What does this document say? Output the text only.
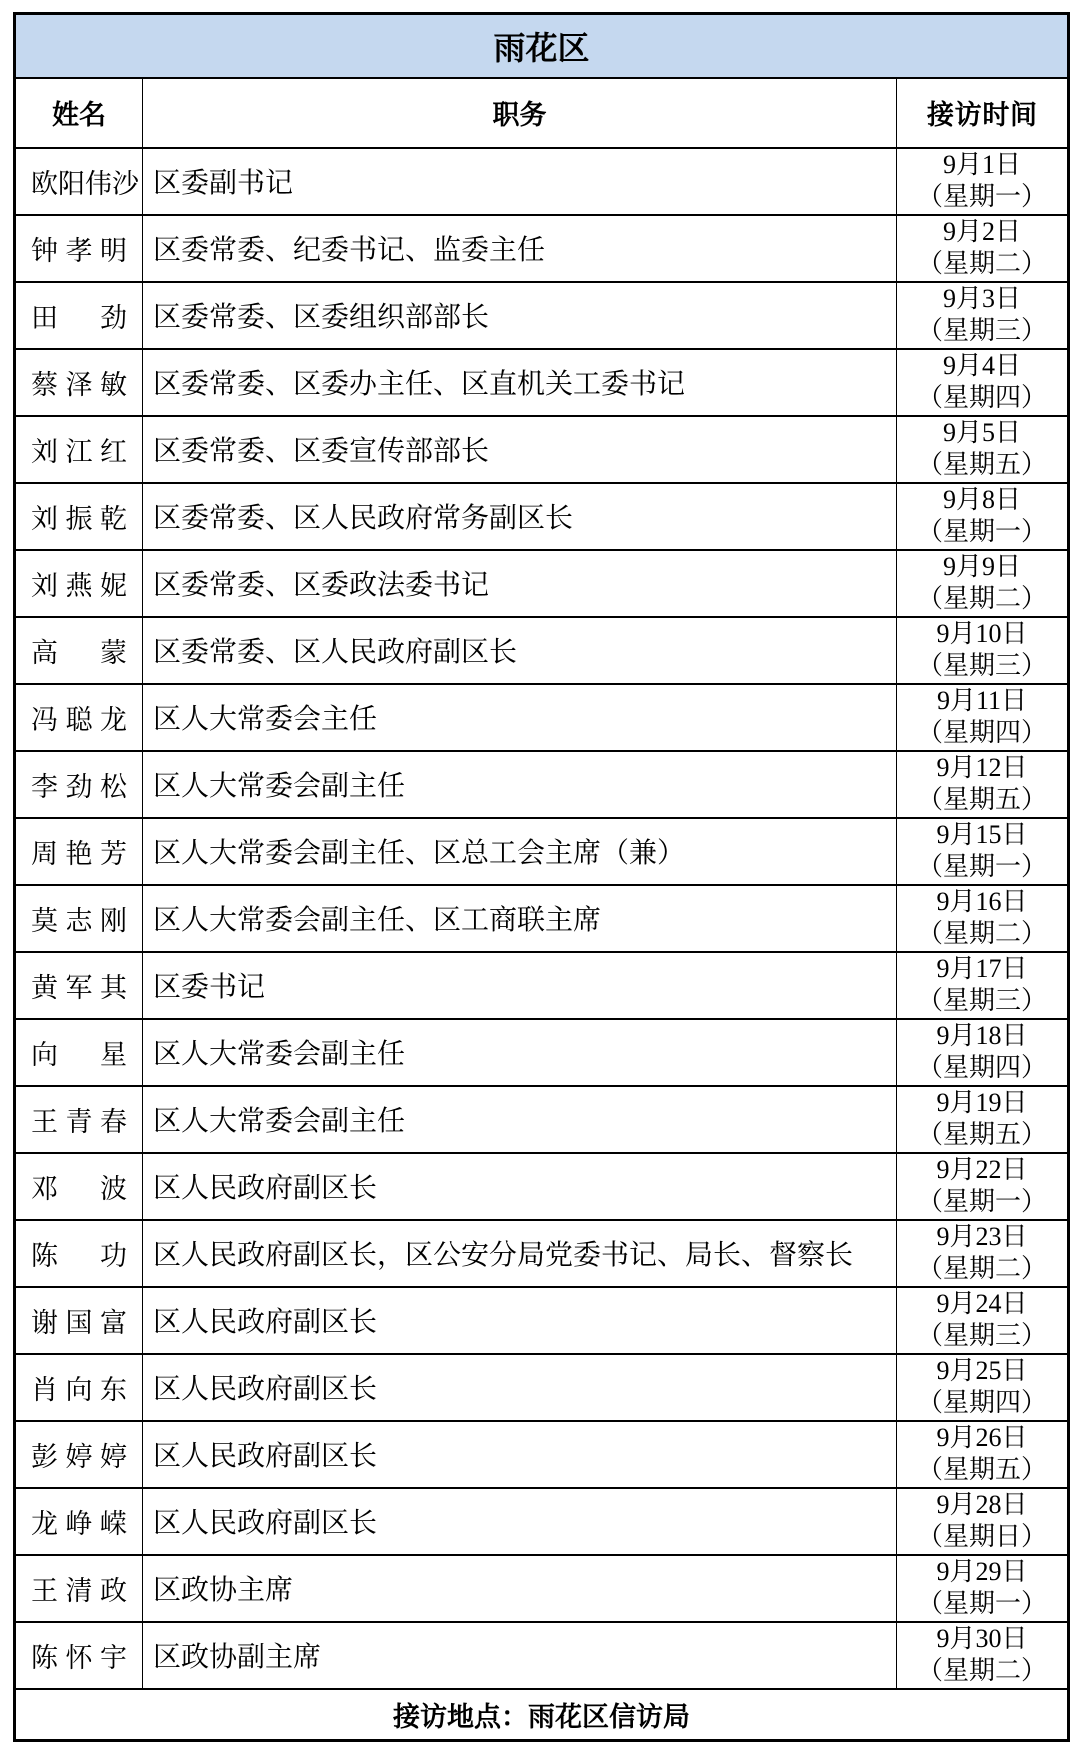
雨花区		
姓名	职务	接访时间
欧阳伟沙	区委副书记	9月1日
（星期一）

钟孝明	区委常委、纪委书记、监委主任	9月2日
（星期二）

田劲	区委常委、区委组织部部长	9月3日
（星期三）

蔡泽敏	区委常委、区委办主任、区直机关工委书记	9月4日
（星期四）

刘江红	区委常委、区委宣传部部长	9月5日
（星期五）

刘振乾	区委常委、区人民政府常务副区长	9月8日
（星期一）

刘燕妮	区委常委、区委政法委书记	9月9日
（星期二）

高蒙	区委常委、区人民政府副区长	9月10日
（星期三）

冯聪龙	区人大常委会主任	9月11日
（星期四）

李劲松	区人大常委会副主任	9月12日
（星期五）

周艳芳	区人大常委会副主任、区总工会主席（兼）	9月15日
（星期一）

莫志刚	区人大常委会副主任、区工商联主席	9月16日
（星期二）

黄军其	区委书记	9月17日
（星期三）

向星	区人大常委会副主任	9月18日
（星期四）

王青春	区人大常委会副主任	9月19日
（星期五）

邓波	区人民政府副区长	9月22日
（星期一）

陈功	区人民政府副区长，区公安分局党委书记、局长、督察长	9月23日
（星期二）

谢国富	区人民政府副区长	9月24日
（星期三）

肖向东	区人民政府副区长	9月25日
（星期四）

彭婷婷	区人民政府副区长	9月26日
（星期五）

龙峥嵘	区人民政府副区长	9月28日
（星期日）

王清政	区政协主席	9月29日
（星期一）

陈怀宇	区政协副主席	9月30日
（星期二）

接访地点：雨花区信访局		
